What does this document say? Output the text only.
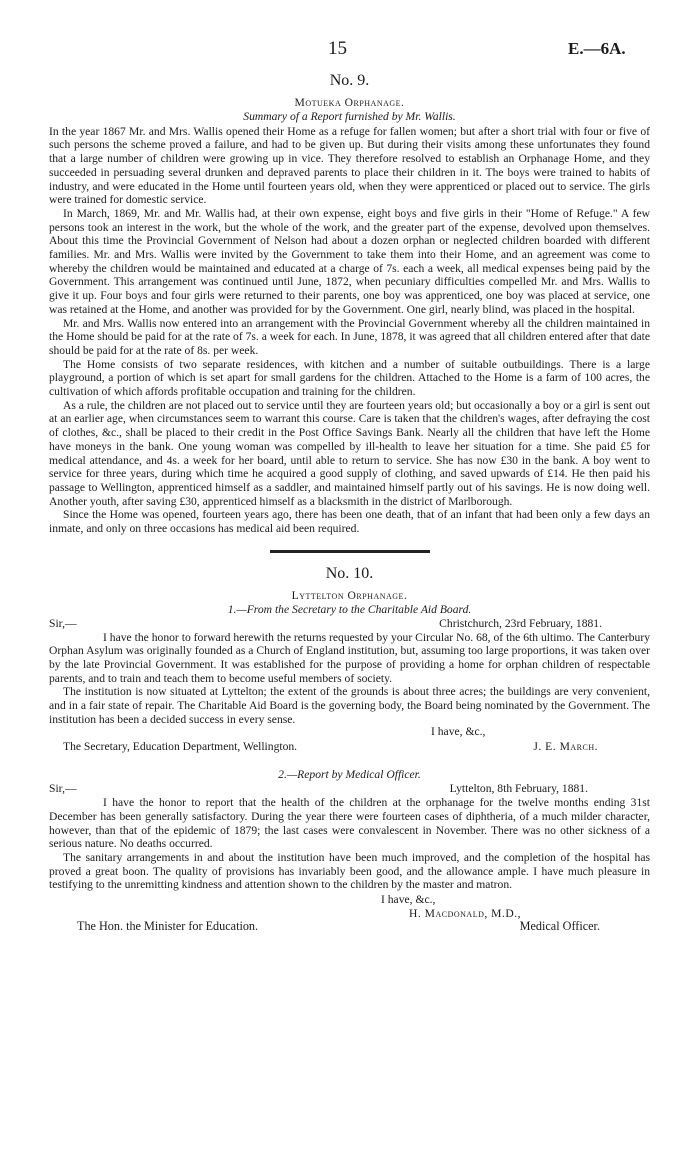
15	E.—6A.
No. 9.
Motueka Orphanage.
Summary of a Report furnished by Mr. Wallis.

In the year 1867 Mr. and Mrs. Wallis opened their Home as a refuge for fallen women; but after a short trial with four or five of such persons the scheme proved a failure, and had to be given up. But during their visits among these unfortunates they found that a large number of children were growing up in vice. They therefore resolved to establish an Orphanage Home, and they succeeded in persuading several drunken and depraved parents to place their children in it. The boys were trained to habits of industry, and were educated in the Home until fourteen years old, when they were apprenticed or placed out to service. The girls were trained for domestic service.

In March, 1869, Mr. and Mr. Wallis had, at their own expense, eight boys and five girls in their "Home of Refuge." A few persons took an interest in the work, but the whole of the work, and the greater part of the expense, devolved upon themselves. About this time the Provincial Government of Nelson had about a dozen orphan or neglected children boarded with different families. Mr. and Mrs. Wallis were invited by the Government to take them into their Home, and an agreement was come to whereby the children would be maintained and educated at a charge of 7s. each a week, all medical expenses being paid by the Government. This arrangement was continued until June, 1872, when pecuniary difficulties compelled Mr. and Mrs. Wallis to give it up. Four boys and four girls were returned to their parents, one boy was apprenticed, one boy was placed at service, one was retained at the Home, and another was provided for by the Government. One girl, nearly blind, was placed in the hospital.

Mr. and Mrs. Wallis now entered into an arrangement with the Provincial Government whereby all the children maintained in the Home should be paid for at the rate of 7s. a week for each. In June, 1878, it was agreed that all children entered after that date should be paid for at the rate of 8s. per week.

The Home consists of two separate residences, with kitchen and a number of suitable outbuildings. There is a large playground, a portion of which is set apart for small gardens for the children. Attached to the Home is a farm of 100 acres, the cultivation of which affords profitable occupation and training for the children.

As a rule, the children are not placed out to service until they are fourteen years old; but occasionally a boy or a girl is sent out at an earlier age, when circumstances seem to warrant this course. Care is taken that the children's wages, after defraying the cost of clothes, &c., shall be placed to their credit in the Post Office Savings Bank. Nearly all the children that have left the Home have moneys in the bank. One young woman was compelled by ill-health to leave her situation for a time. She paid £5 for medical attendance, and 4s. a week for her board, until able to return to service. She has now £30 in the bank. A boy went to service for three years, during which time he acquired a good supply of clothing, and saved upwards of £14. He then paid his passage to Wellington, apprenticed himself as a saddler, and maintained himself partly out of his savings. He is now doing well. Another youth, after saving £30, apprenticed himself as a blacksmith in the district of Marlborough.

Since the Home was opened, fourteen years ago, there has been one death, that of an infant that had been only a few days an inmate, and only on three occasions has medical aid been required.

No. 10.
Lyttelton Orphanage.
1.—From the Secretary to the Charitable Aid Board.
Sir,—	Christchurch, 23rd February, 1881.

I have the honor to forward herewith the returns requested by your Circular No. 68, of the 6th ultimo. The Canterbury Orphan Asylum was originally founded as a Church of England institution, but, assuming too large proportions, it was taken over by the late Provincial Government. It was established for the purpose of providing a home for orphan children of respectable parents, and to train and teach them to become useful members of society.

The institution is now situated at Lyttelton; the extent of the grounds is about three acres; the buildings are very convenient, and in a fair state of repair. The Charitable Aid Board is the governing body, the Board being nominated by the Government. The institution has been a decided success in every sense.

I have, &c.,
The Secretary, Education Department, Wellington.	J. E. March.
2.—Report by Medical Officer.
Sir,—	Lyttelton, 8th February, 1881.

I have the honor to report that the health of the children at the orphanage for the twelve months ending 31st December has been generally satisfactory. During the year there were fourteen cases of diphtheria, of a much milder character, however, than that of the epidemic of 1879; the last cases were convalescent in November. There was no other sickness of a serious nature. No deaths occurred.

The sanitary arrangements in and about the institution have been much improved, and the completion of the hospital has proved a great boon. The quality of provisions has invariably been good, and the allowance ample. I have much pleasure in testifying to the unremitting kindness and attention shown to the children by the master and matron.

I have, &c.,
H. Macdonald, M.D.,
The Hon. the Minister for Education.	Medical Officer.
